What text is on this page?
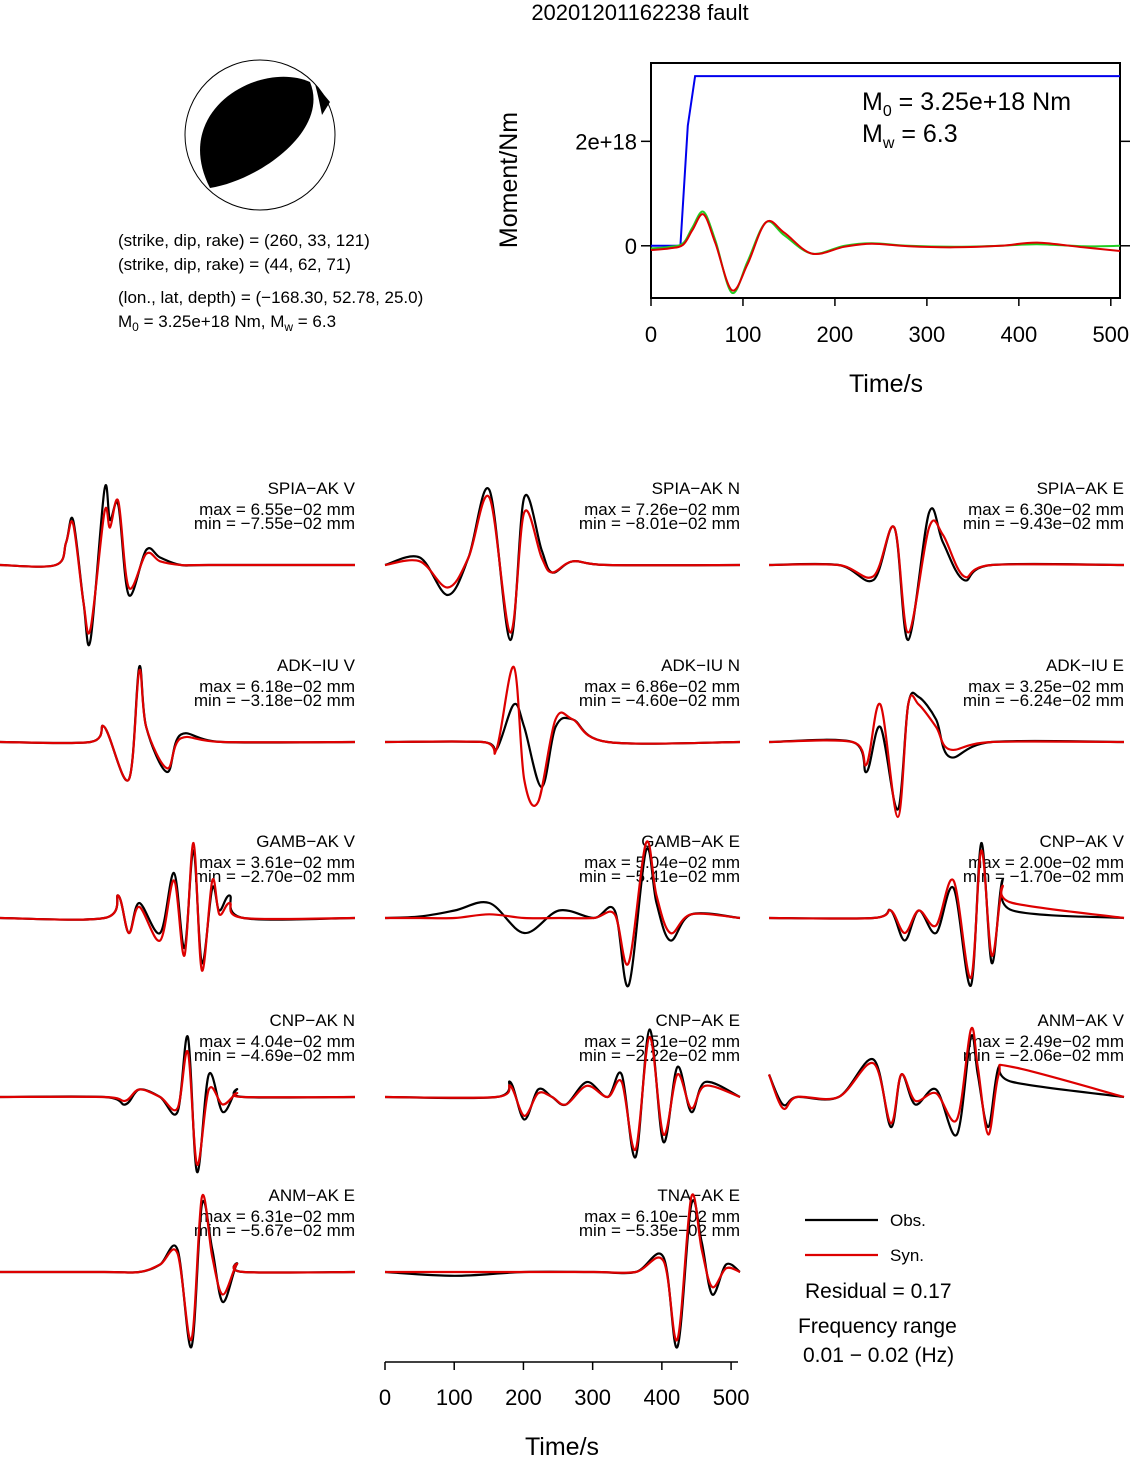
20201201162238 fault
(strike, dip, rake) = (260, 33, 121)
(strike, dip, rake) = (44, 62, 71)
(lon., lat, depth) = (−168.30, 52.78, 25.0)
$M_0 = 3.25e+18$ Nm, $M_w = 6.3$
$M_0 = 3.25e+18$ Nm
$M_w = 6.3$
0
2e+18
0	100	200	300	400	500
Moment/Nm
Time/s
SPIA−AK V
max = 6.55e−02 mm
min = −7.55e−02 mm
SPIA−AK N
max = 7.26e−02 mm
min = −8.01e−02 mm
SPIA−AK E
max = 6.30e−02 mm
min = −9.43e−02 mm
ADK−IU V
max = 6.18e−02 mm
min = −3.18e−02 mm
ADK−IU N
max = 6.86e−02 mm
min = −4.60e−02 mm
ADK−IU E
max = 3.25e−02 mm
min = −6.24e−02 mm
GAMB−AK V
max = 3.61e−02 mm
min = −2.70e−02 mm
GAMB−AK E
max = 5.04e−02 mm
min = −5.41e−02 mm
CNP−AK V
max = 2.00e−02 mm
min = −1.70e−02 mm
CNP−AK N
max = 4.04e−02 mm
min = −4.69e−02 mm
CNP−AK E
max = 2.51e−02 mm
min = −2.22e−02 mm
ANM−AK V
max = 2.49e−02 mm
min = −2.06e−02 mm
ANM−AK E
max = 6.31e−02 mm
min = −5.67e−02 mm
TNA−AK E
max = 6.10e−02 mm
min = −5.35e−02 mm
0 100 200 300 400 500
Time/s
Obs.
Syn.
Residual = 0.17
Frequency range
0.01 − 0.02 (Hz)
